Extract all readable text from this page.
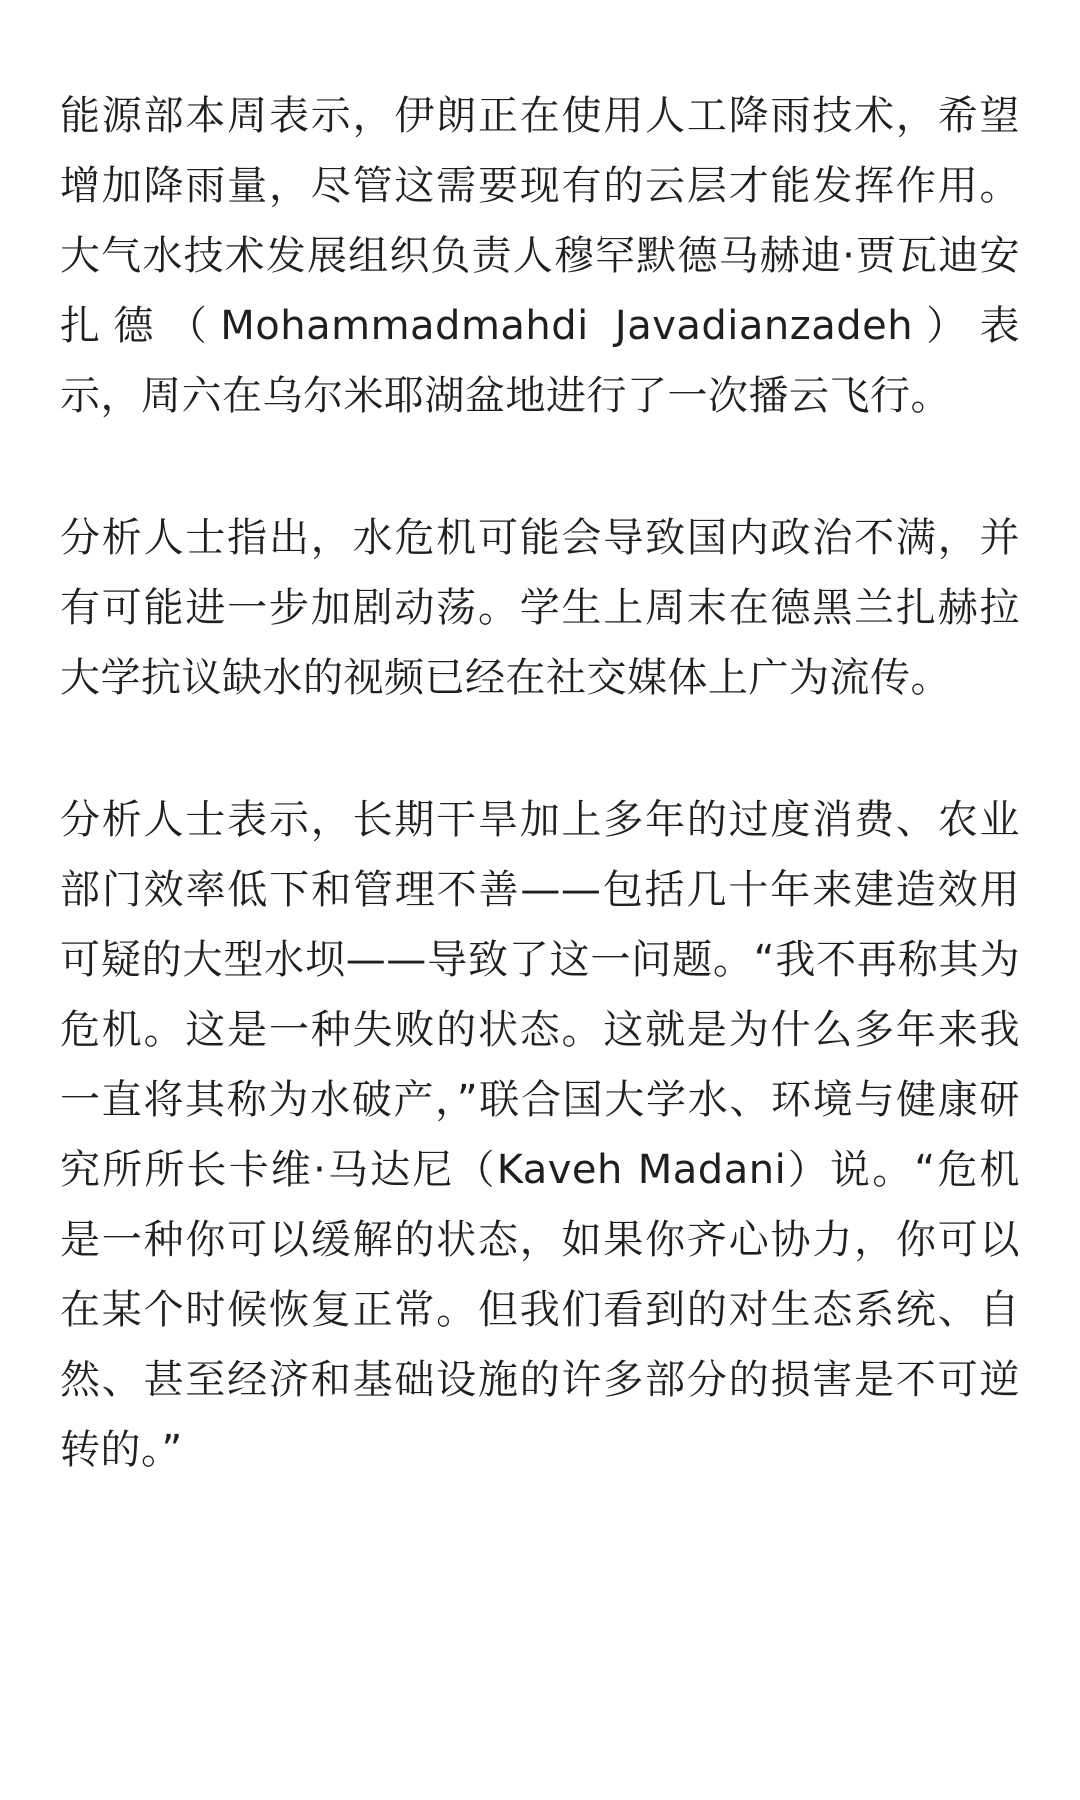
能源部本周表示，伊朗正在使用人工降雨技术，希望增加降雨量，尽管这需要现有的云层才能发挥作用。大气水技术发展组织负责人穆罕默德马赫迪·贾瓦迪安扎德（Mohammadmahdi Javadianzadeh）表示，周六在乌尔米耶湖盆地进行了一次播云飞行。

分析人士指出，水危机可能会导致国内政治不满，并有可能进一步加剧动荡。学生上周末在德黑兰扎赫拉大学抗议缺水的视频已经在社交媒体上广为流传。

分析人士表示，长期干旱加上多年的过度消费、农业部门效率低下和管理不善——包括几十年来建造效用可疑的大型水坝——导致了这一问题。“我不再称其为危机。这是一种失败的状态。这就是为什么多年来我一直将其称为水破产，”联合国大学水、环境与健康研究所所长卡维·马达尼（Kaveh Madani）说。“危机是一种你可以缓解的状态，如果你齐心协力，你可以在某个时候恢复正常。但我们看到的对生态系统、自然、甚至经济和基础设施的许多部分的损害是不可逆转的。”
